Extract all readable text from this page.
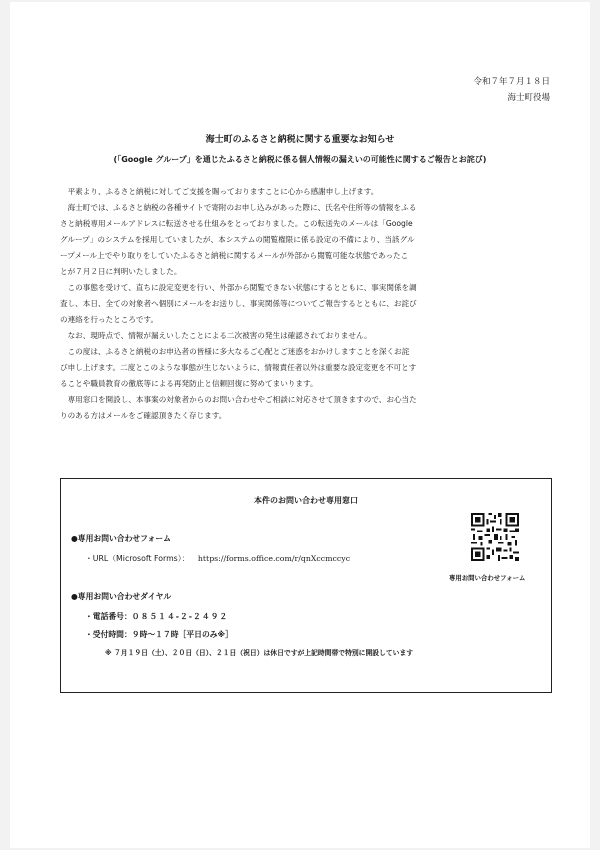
令和７年７月１８日
海士町役場
海士町のふるさと納税に関する重要なお知らせ
(「Google グループ」を通じたふるさと納税に係る個人情報の漏えいの可能性に関するご報告とお詫び)

平素より、ふるさと納税に対してご支援を賜っておりますことに心から感謝申し上げます。

海士町では、ふるさと納税の各種サイトで寄附のお申し込みがあった際に、氏名や住所等の情報をふる
さと納税専用メールアドレスに転送させる仕組みをとっておりました。この転送先のメールは「Google
グループ」のシステムを採用していましたが、本システムの閲覧権限に係る設定の不備により、当該グル
ープメール上でやり取りをしていたふるさと納税に関するメールが外部から閲覧可能な状態であったこ
とが７月２日に判明いたしました。

この事態を受けて、直ちに設定変更を行い、外部から閲覧できない状態にするとともに、事実関係を調
査し、本日、全ての対象者へ個別にメールをお送りし、事実関係等についてご報告するとともに、お詫び
の連絡を行ったところです。

なお、現時点で、情報が漏えいしたことによる二次被害の発生は確認されておりません。

この度は、ふるさと納税のお申込者の皆様に多大なるご心配とご迷惑をおかけしますことを深くお詫
び申し上げます。二度とこのような事態が生じないように、情報責任者以外は重要な設定変更を不可とす
ることや職員教育の徹底等による再発防止と信頼回復に努めてまいります。

専用窓口を開設し、本事案の対象者からのお問い合わせやご相談に対応させて頂きますので、お心当た
りのある方はメールをご確認頂きたく存じます。

本件のお問い合わせ専用窓口
●専用お問い合わせフォーム
・URL（Microsoft Forms）： https://forms.office.com/r/qnXccmccyc
●専用お問い合わせダイヤル
・電話番号：０８５１４-２-２４９２
・受付時間：９時～１７時［平日のみ※］
※ ７月１９日（土）、２０日（日）、２１日（祝日）は休日ですが上記時間帯で特別に開設しています
専用お問い合わせフォーム
